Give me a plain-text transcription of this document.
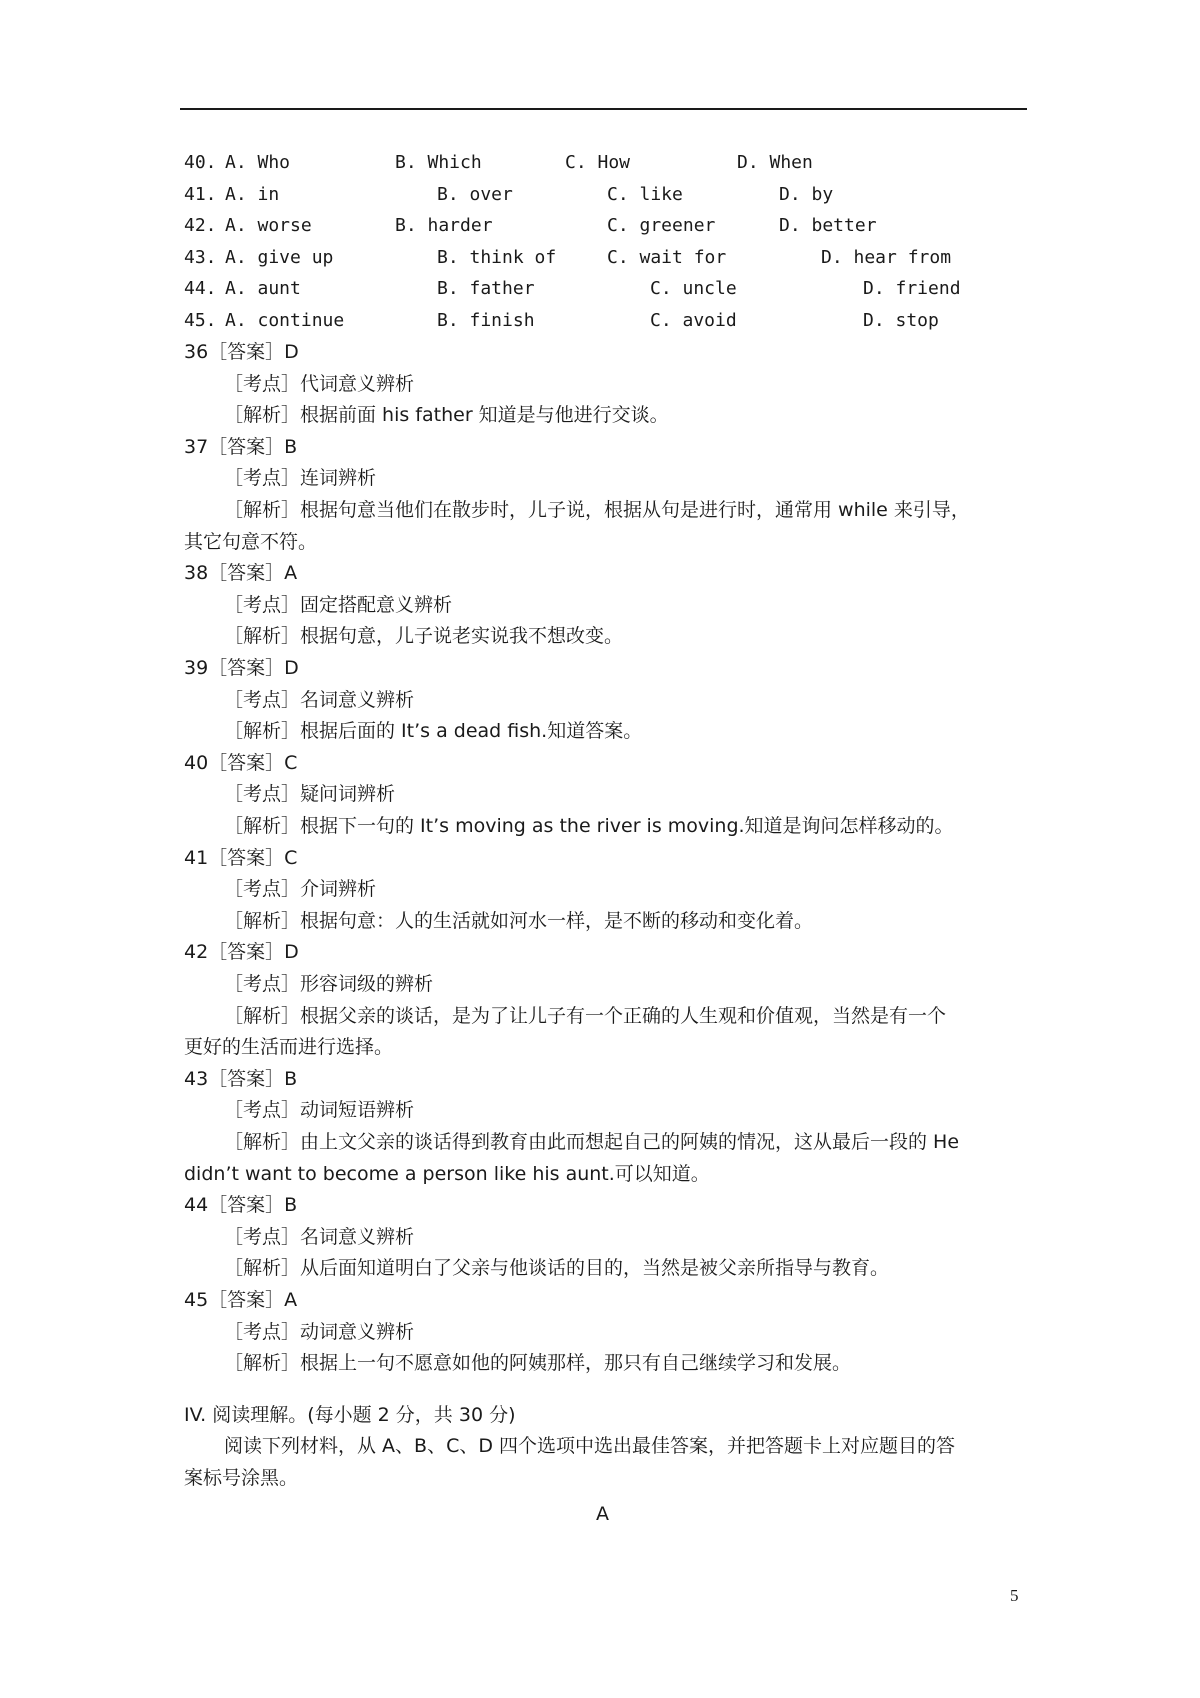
40. A. Who	B. Which	C. How	D. When
41. A. in	B. over	C. like	D. by
42. A. worse	B. harder	C. greener	D. better
43. A. give up	B. think of	C. wait for	D. hear from
44. A. aunt	B. father	C. uncle	D. friend
45. A. continue	B. finish	C. avoid	D. stop
36［答案］D
［考点］代词意义辨析
［解析］根据前面 his father 知道是与他进行交谈。
37［答案］B
［考点］连词辨析
［解析］根据句意当他们在散步时，儿子说，根据从句是进行时，通常用 while 来引导，
其它句意不符。
38［答案］A
［考点］固定搭配意义辨析
［解析］根据句意，儿子说老实说我不想改变。
39［答案］D
［考点］名词意义辨析
［解析］根据后面的 It’s a dead fish.知道答案。
40［答案］C
［考点］疑问词辨析
［解析］根据下一句的 It’s moving as the river is moving.知道是询问怎样移动的。
41［答案］C
［考点］介词辨析
［解析］根据句意：人的生活就如河水一样，是不断的移动和变化着。
42［答案］D
［考点］形容词级的辨析
［解析］根据父亲的谈话，是为了让儿子有一个正确的人生观和价值观，当然是有一个
更好的生活而进行选择。
43［答案］B
［考点］动词短语辨析
［解析］由上文父亲的谈话得到教育由此而想起自己的阿姨的情况，这从最后一段的 He
didn’t want to become a person like his aunt.可以知道。
44［答案］B
［考点］名词意义辨析
［解析］从后面知道明白了父亲与他谈话的目的，当然是被父亲所指导与教育。
45［答案］A
［考点］动词意义辨析
［解析］根据上一句不愿意如他的阿姨那样，那只有自己继续学习和发展。
IV. 阅读理解。(每小题 2 分，共 30 分)
阅读下列材料，从 A、B、C、D 四个选项中选出最佳答案，并把答题卡上对应题目的答
案标号涂黑。
A
5
